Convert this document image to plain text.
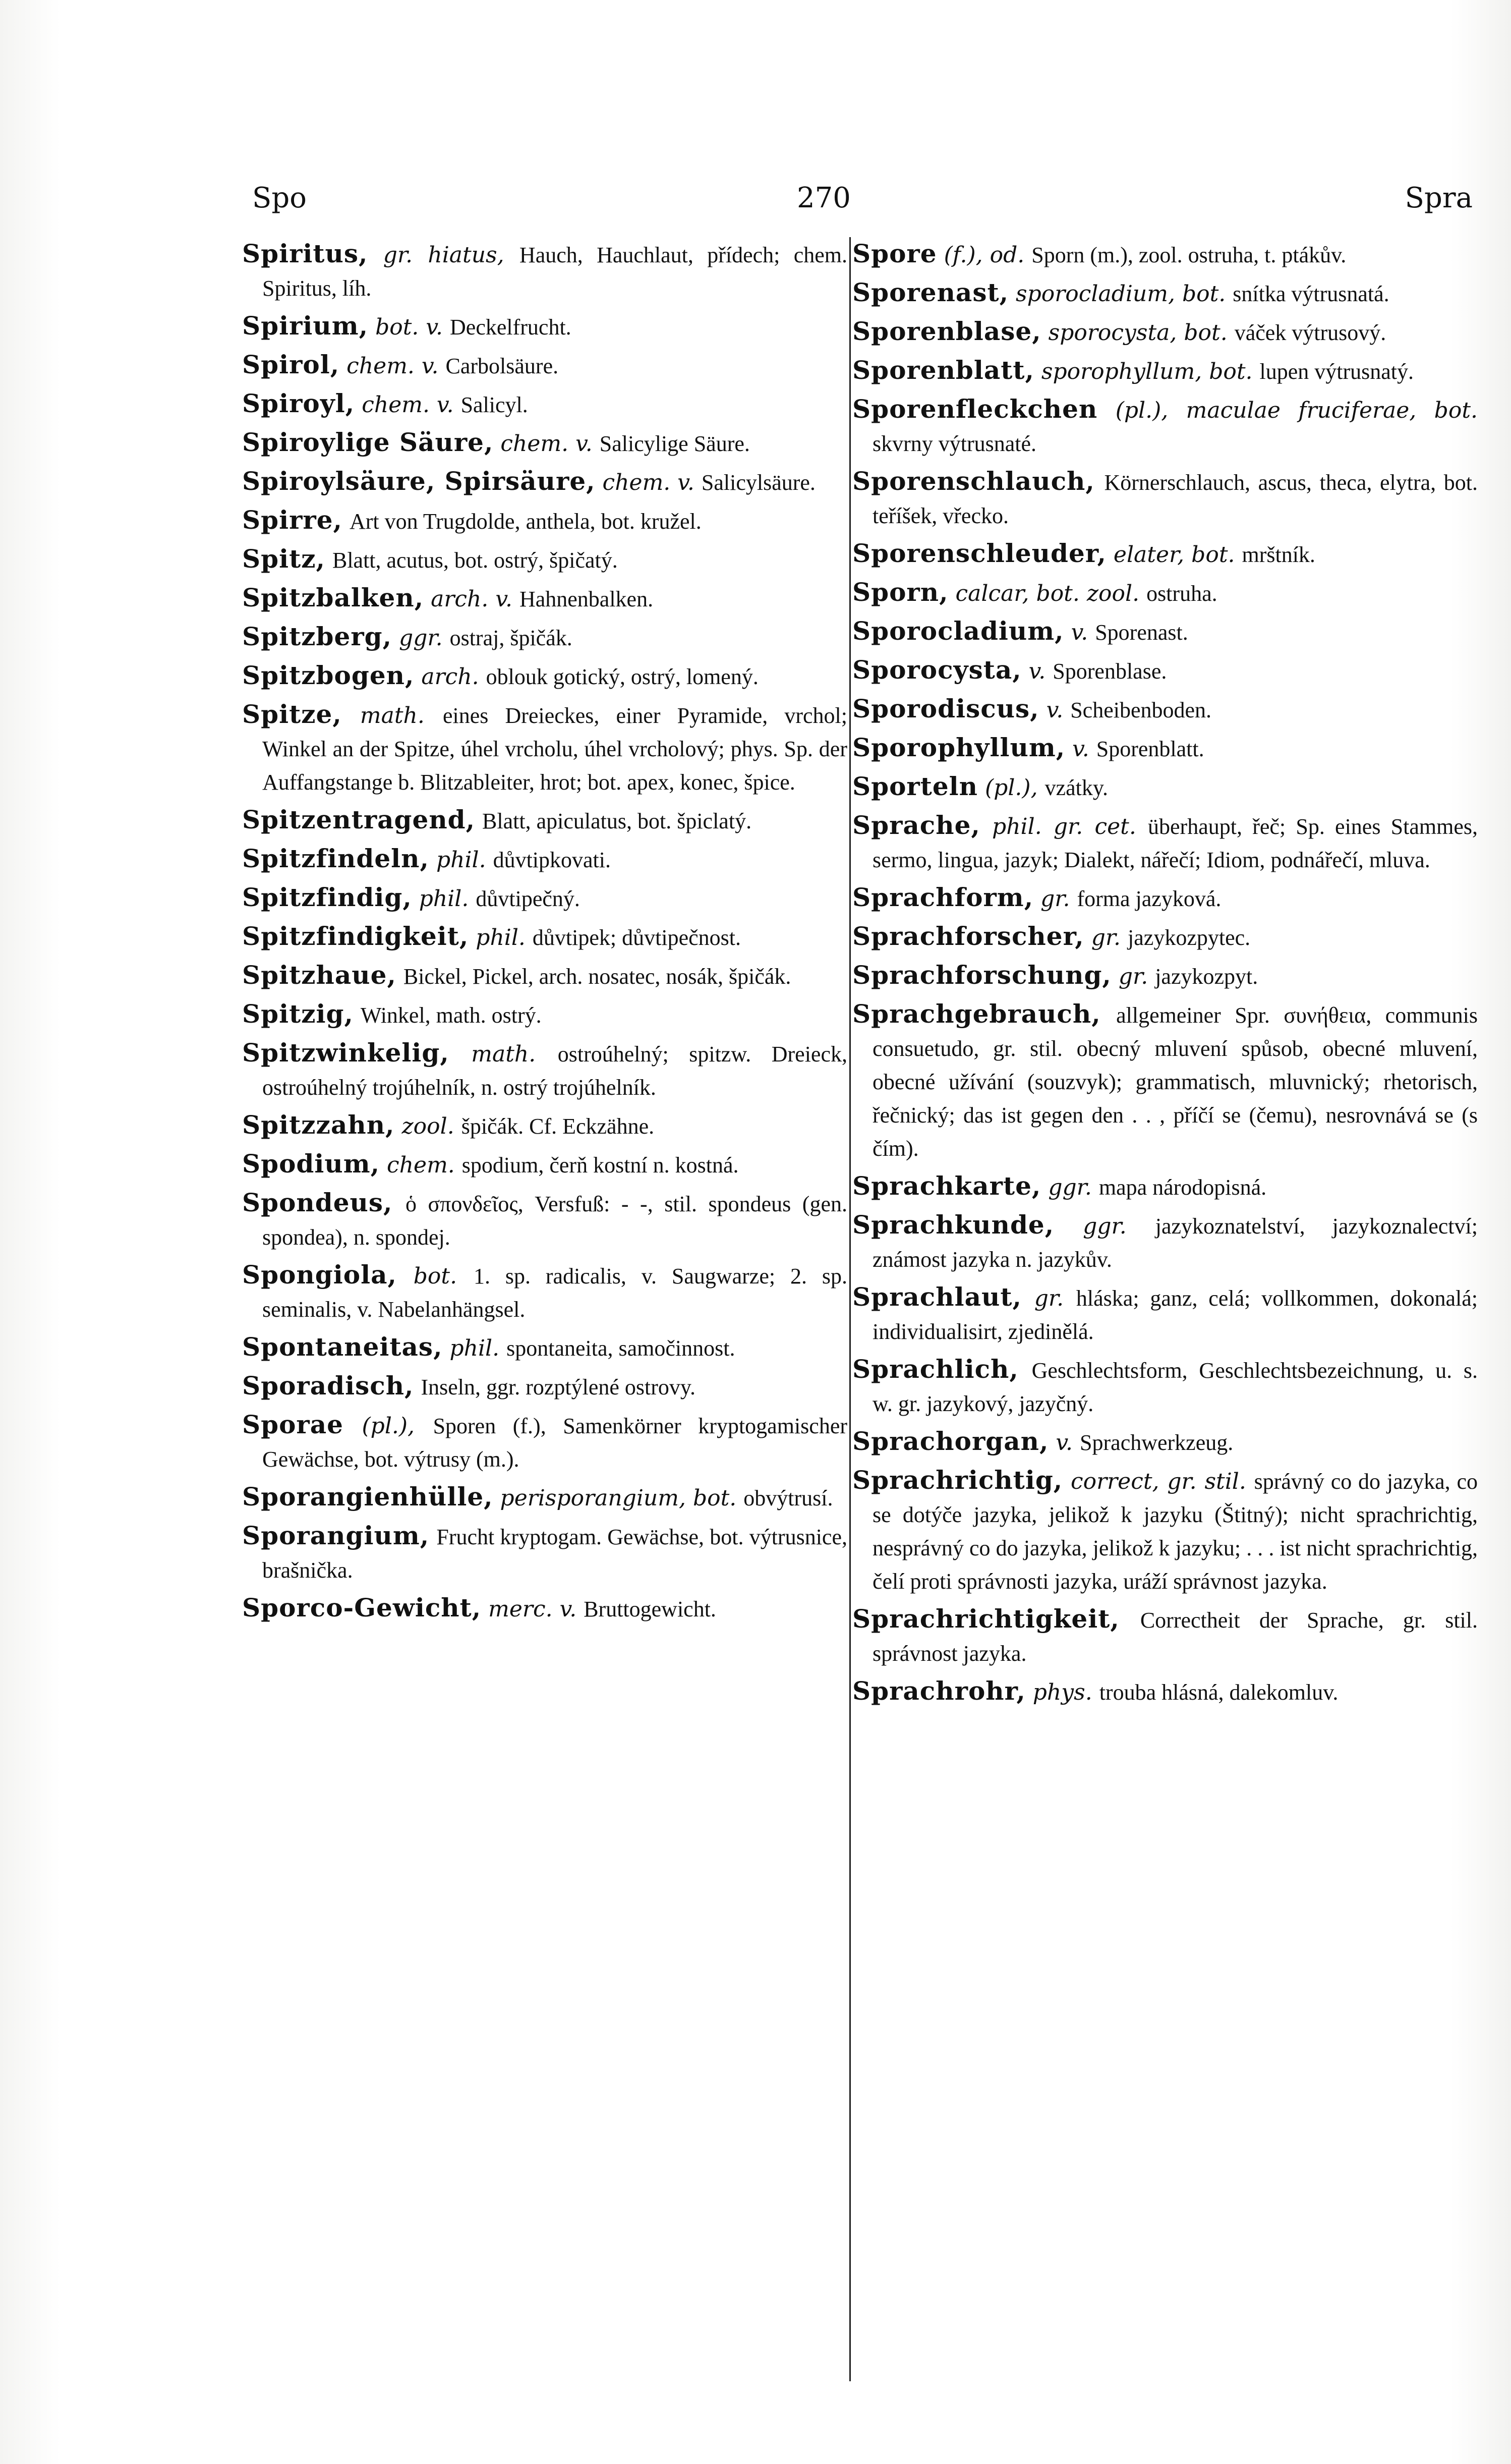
Spo	270	Spra

Spiritus, gr. hiatus, Hauch, Hauchlaut, přídech; chem. Spiritus, líh.

Spirium, bot. v. Deckelfrucht.

Spirol, chem. v. Carbolsäure.

Spiroyl, chem. v. Salicyl.

Spiroylige Säure, chem. v. Salicylige Säure.

Spiroylsäure, Spirsäure, chem. v. Salicylsäure.

Spirre, Art von Trugdolde, anthela, bot. kružel.

Spitz, Blatt, acutus, bot. ostrý, špičatý.

Spitzbalken, arch. v. Hahnenbalken.

Spitzberg, ggr. ostraj, špičák.

Spitzbogen, arch. oblouk gotický, ostrý, lomený.

Spitze, math. eines Dreieckes, einer Pyramide, vrchol; Winkel an der Spitze, úhel vrcholu, úhel vrcholový; phys. Sp. der Auffangstange b. Blitzableiter, hrot; bot. apex, konec, špice.

Spitzentragend, Blatt, apiculatus, bot. špiclatý.

Spitzfindeln, phil. důvtipkovati.

Spitzfindig, phil. důvtipečný.

Spitzfindigkeit, phil. důvtipek; důvtipečnost.

Spitzhaue, Bickel, Pickel, arch. nosatec, nosák, špičák.

Spitzig, Winkel, math. ostrý.

Spitzwinkelig, math. ostroúhelný; spitzw. Dreieck, ostroúhelný trojúhelník, n. ostrý trojúhelník.

Spitzzahn, zool. špičák. Cf. Eckzähne.

Spodium, chem. spodium, čerň kostní n. kostná.

Spondeus, ὁ σπονδεῖος, Versfuß: - -, stil. spondeus (gen. spondea), n. spondej.

Spongiola, bot. 1. sp. radicalis, v. Saugwarze; 2. sp. seminalis, v. Nabelanhängsel.

Spontaneitas, phil. spontaneita, samočinnost.

Sporadisch, Inseln, ggr. rozptýlené ostrovy.

Sporae (pl.), Sporen (f.), Samenkörner kryptogamischer Gewächse, bot. výtrusy (m.).

Sporangienhülle, perisporangium, bot. obvýtrusí.

Sporangium, Frucht kryptogam. Gewächse, bot. výtrusnice, brašnička.

Sporco-Gewicht, merc. v. Bruttogewicht.

Spore (f.), od. Sporn (m.), zool. ostruha, t. ptákův.

Sporenast, sporocladium, bot. snítka výtrusnatá.

Sporenblase, sporocysta, bot. váček výtrusový.

Sporenblatt, sporophyllum, bot. lupen výtrusnatý.

Sporenfleckchen (pl.), maculae fruciferae, bot. skvrny výtrusnaté.

Sporenschlauch, Körnerschlauch, ascus, theca, elytra, bot. teříšek, vřecko.

Sporenschleuder, elater, bot. mrštník.

Sporn, calcar, bot. zool. ostruha.

Sporocladium, v. Sporenast.

Sporocysta, v. Sporenblase.

Sporodiscus, v. Scheibenboden.

Sporophyllum, v. Sporenblatt.

Sporteln (pl.), vzátky.

Sprache, phil. gr. cet. überhaupt, řeč; Sp. eines Stammes, sermo, lingua, jazyk; Dialekt, nářečí; Idiom, podnářečí, mluva.

Sprachform, gr. forma jazyková.

Sprachforscher, gr. jazykozpytec.

Sprachforschung, gr. jazykozpyt.

Sprachgebrauch, allgemeiner Spr. συνήθεια, communis consuetudo, gr. stil. obecný mluvení spůsob, obecné mluvení, obecné užívání (souzvyk); grammatisch, mluvnický; rhetorisch, řečnický; das ist gegen den . . , příčí se (čemu), nesrovnává se (s čím).

Sprachkarte, ggr. mapa národopisná.

Sprachkunde, ggr. jazykoznatelství, jazykoznalectví; známost jazyka n. jazykův.

Sprachlaut, gr. hláska; ganz, celá; vollkommen, dokonalá; individualisirt, zjedinělá.

Sprachlich, Geschlechtsform, Geschlechtsbezeichnung, u. s. w. gr. jazykový, jazyčný.

Sprachorgan, v. Sprachwerkzeug.

Sprachrichtig, correct, gr. stil. správný co do jazyka, co se dotýče jazyka, jelikož k jazyku (Štitný); nicht sprachrichtig, nesprávný co do jazyka, jelikož k jazyku; . . . ist nicht sprachrichtig, čelí proti správnosti jazyka, uráží správnost jazyka.

Sprachrichtigkeit, Correctheit der Sprache, gr. stil. správnost jazyka.

Sprachrohr, phys. trouba hlásná, dalekomluv.
